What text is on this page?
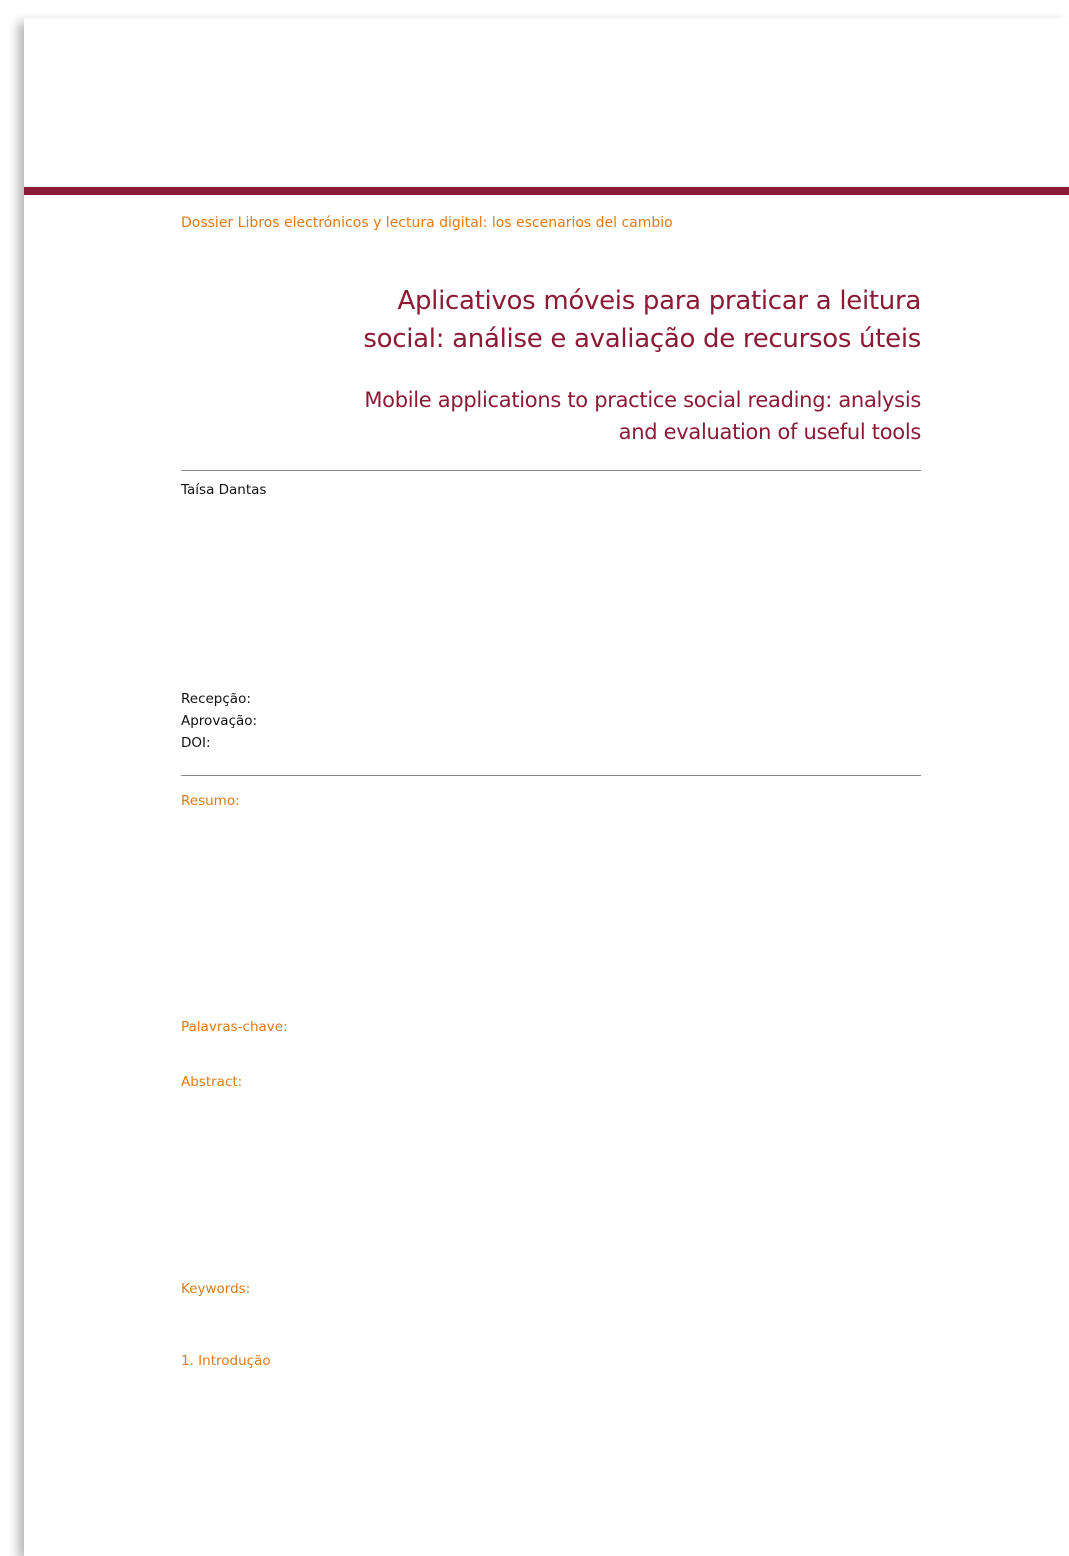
Dossier Libros electrónicos y lectura digital: los escenarios del cambio
Aplicativos móveis para praticar a leitura
social: análise e avaliação de recursos úteis
Mobile applications to practice social reading: analysis
and evaluation of useful tools
Taísa Dantas
Recepção:
Aprovação:
DOI:
Resumo:
Palavras-chave:
Abstract:
Keywords:
1. Introdução
